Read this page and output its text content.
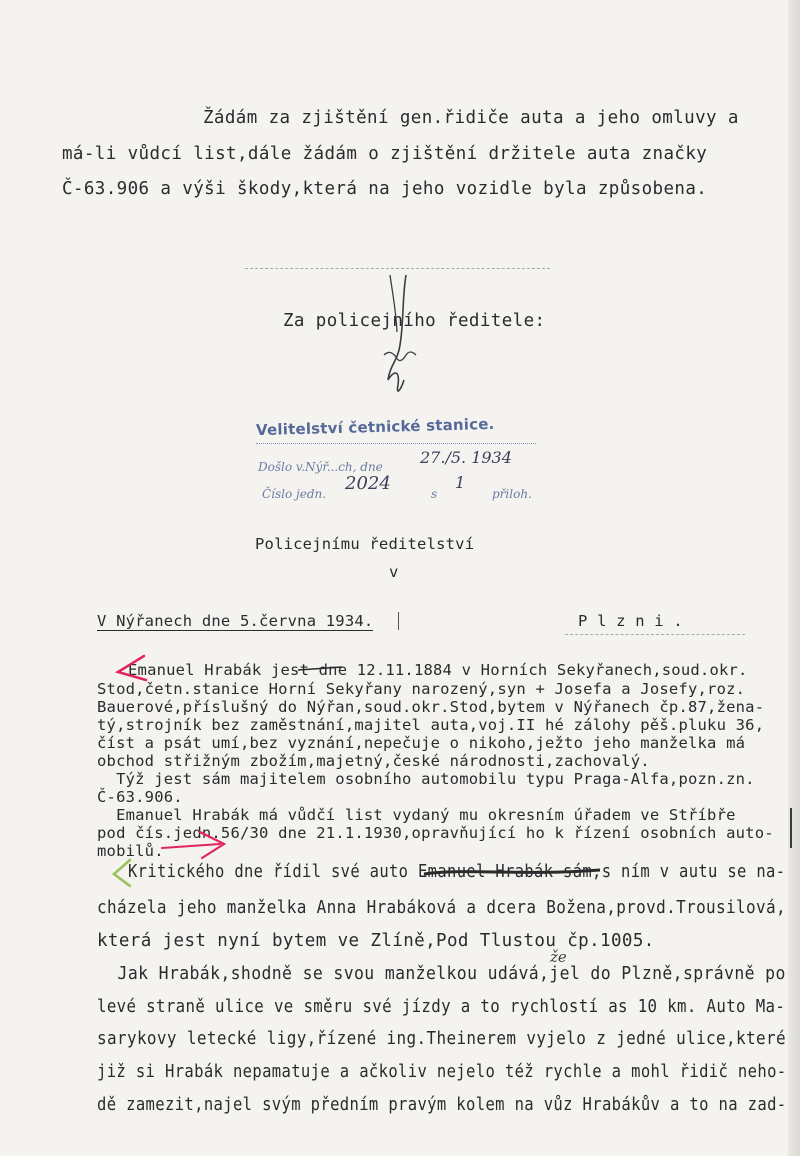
Žádám za zjištění gen.řidiče auta a jeho omluvy a
má-li vůdcí list,dále žádám o zjištění držitele auta značky
Č-63.906 a výši škody,která na jeho vozidle byla způsobena.
Za policejního ředitele:
Velitelství četnické stanice.
Došlo v.Nýř...ch, dne 27./5. 1934
Číslo jedn. 2024	s
1
přiloh.
Policejnímu ředitelství
v
V Nýřanech dne 5.června 1934.	P l z n i .
Emanuel Hrabák jest dne 12.11.1884 v Horních Sekyřanech,soud.okr.
Stod,četn.stanice Horní Sekyřany narozený,syn + Josefa a Josefy,roz.
Bauerové,příslušný do Nýřan,soud.okr.Stod,bytem v Nýřanech čp.87,žena-
tý,strojník bez zaměstnání,majitel auta,voj.II hé zálohy pěš.pluku 36,
číst a psát umí,bez vyznání,nepečuje o nikoho,ježto jeho manželka má
obchod střižným zbožím,majetný,české národnosti,zachovalý.
Týž jest sám majitelem osobního automobilu typu Praga-Alfa,pozn.zn.
Č-63.906.
Emanuel Hrabák má vůdčí list vydaný mu okresním úřadem ve Stříbře
pod čís.jedn.56/30 dne 21.1.1930,opravňující ho k řízení osobních auto-
mobilů.
Kritického dne řídil své auto Emanuel Hrabák sám,s ním v autu se na-
cházela jeho manželka Anna Hrabáková a dcera Božena,provd.Trousilová,
která jest nyní bytem ve Zlíně,Pod Tlustou čp.1005.
že
Jak Hrabák,shodně se svou manželkou udává,jel do Plzně,správně po
levé straně ulice ve směru své jízdy a to rychlostí as 10 km. Auto Ma-
sarykovy letecké ligy,řízené ing.Theinerem vyjelo z jedné ulice,které
již si Hrabák nepamatuje a ačkoliv nejelo též rychle a mohl řidič neho-
dě zamezit,najel svým předním pravým kolem na vůz Hrabákův a to na zad-
